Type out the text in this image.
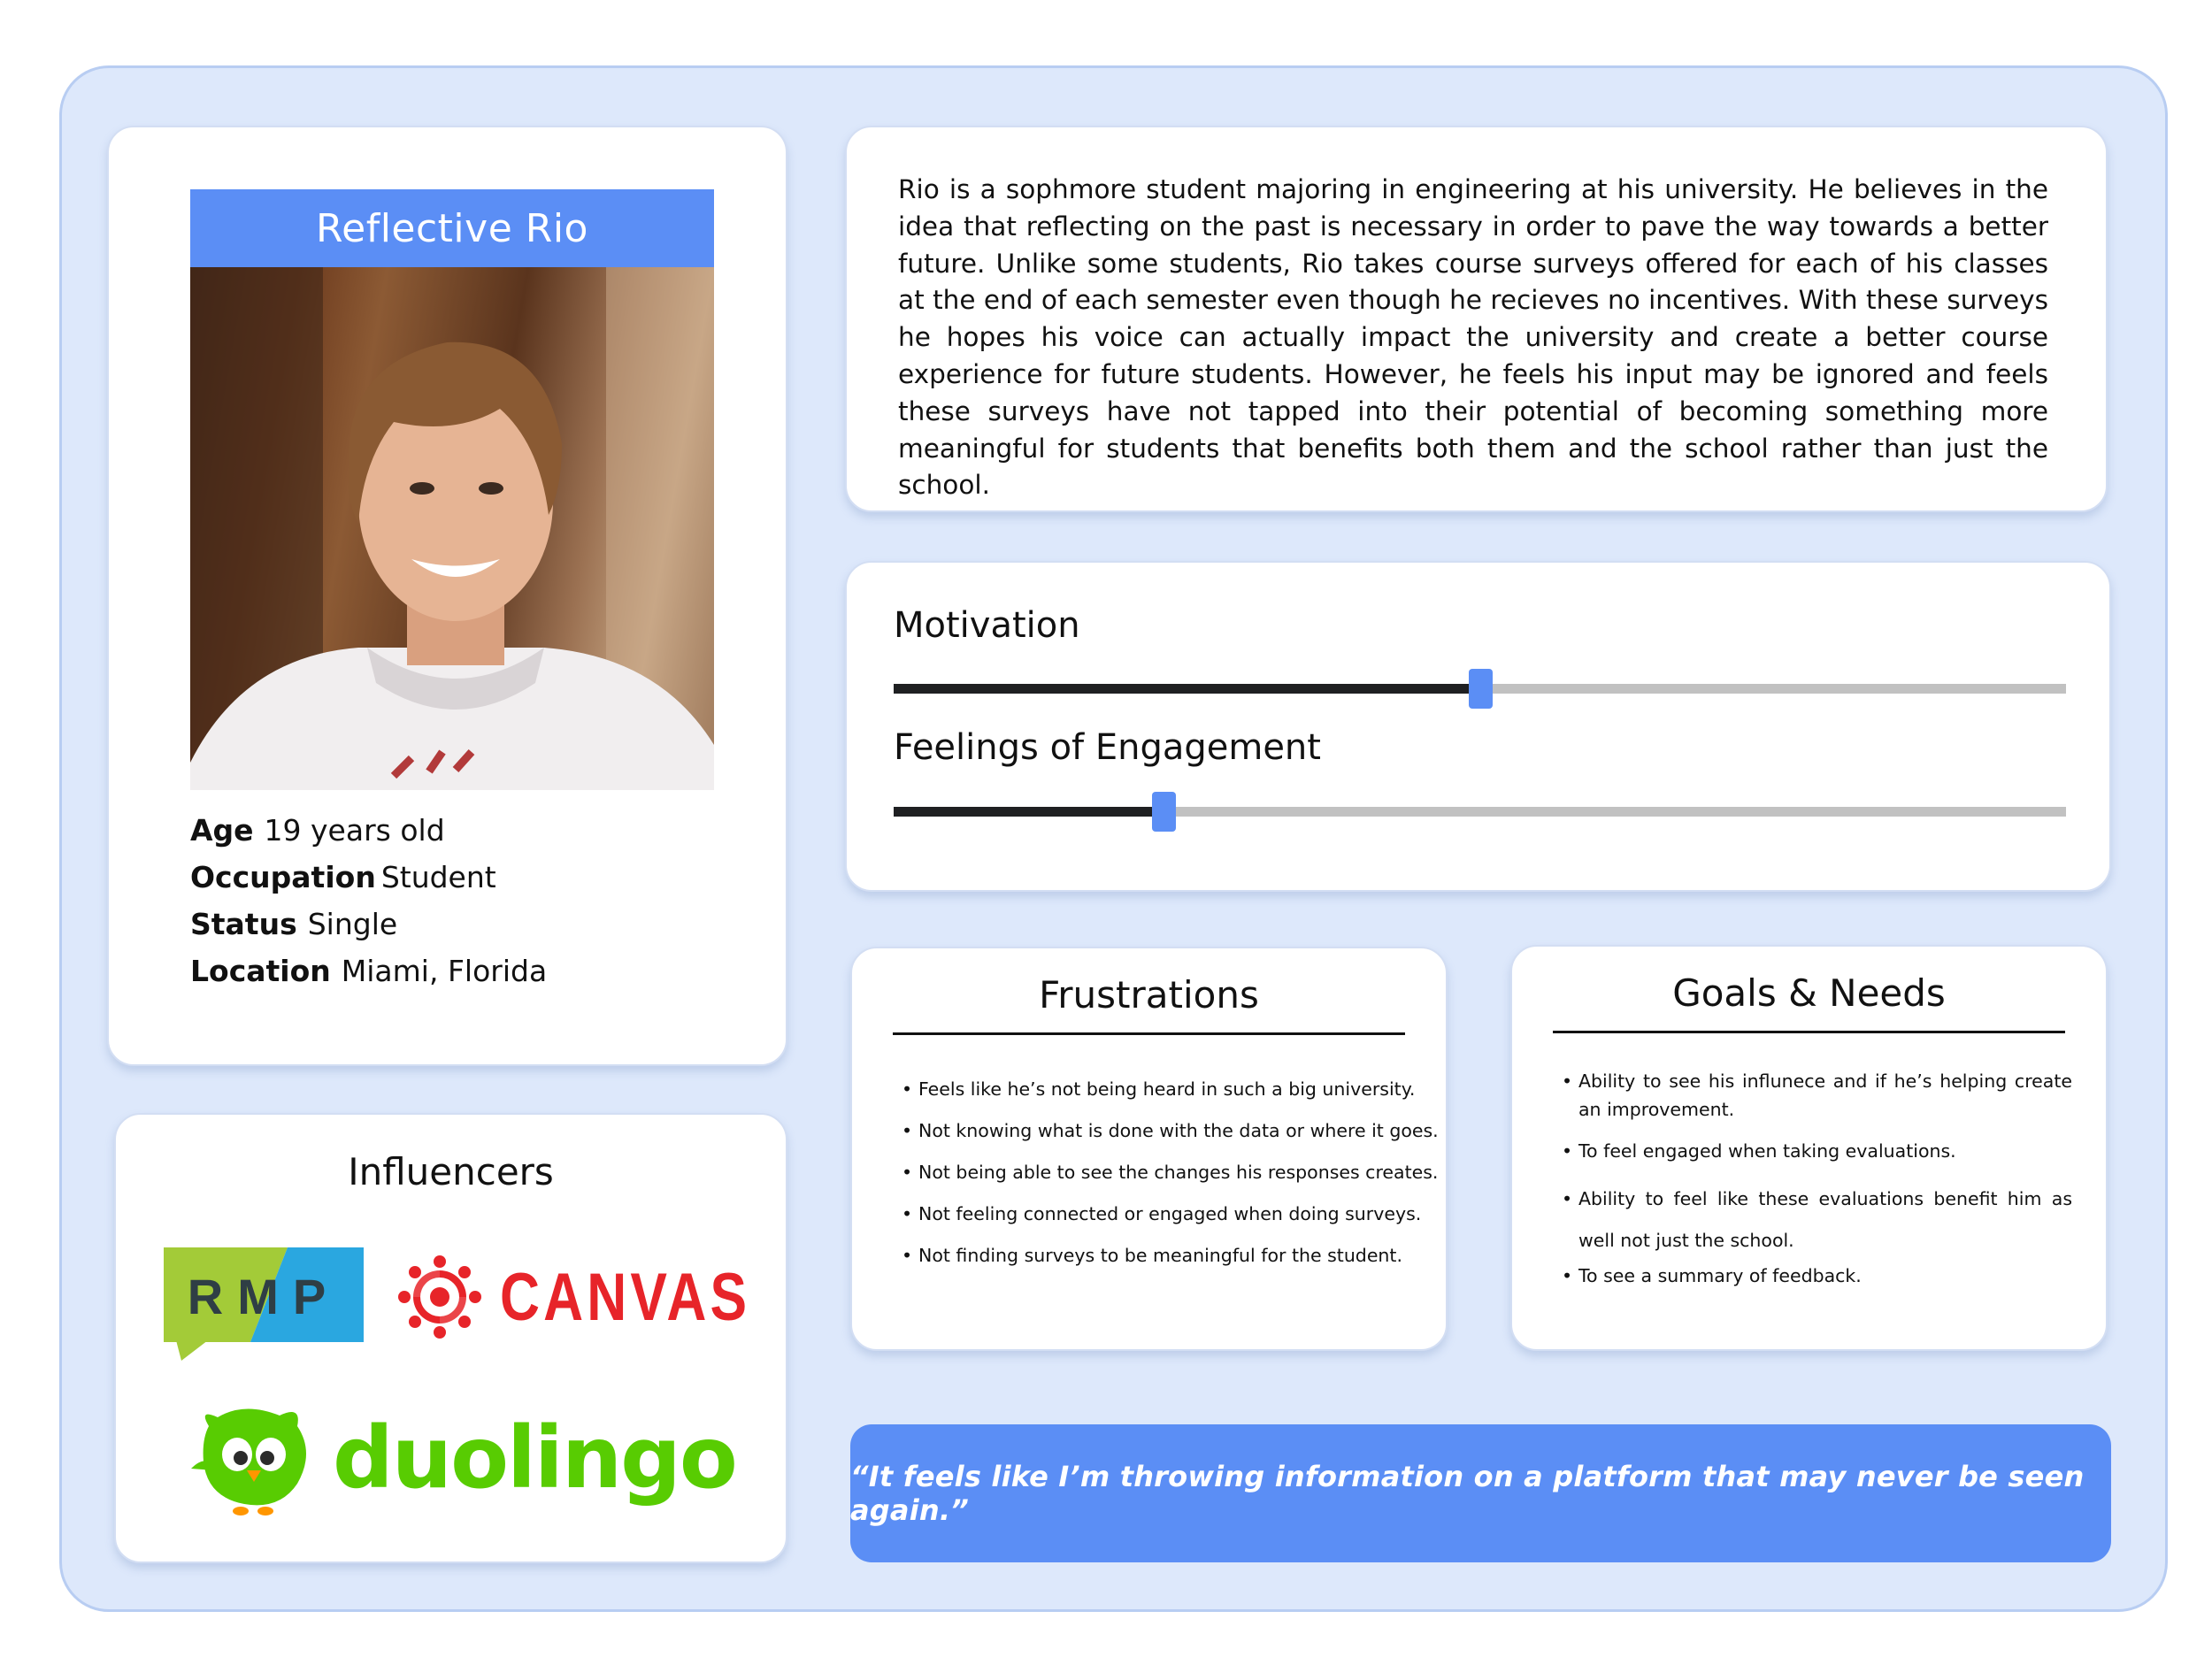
Reflective Rio
Age 19 years old
Occupation Student
Status Single
Location Miami, Florida
Influencers
RMP CANVAS
duolingo

Rio is a sophmore student majoring in engineering at his university. He believes in the idea that reflecting on the past is necessary in order to pave the way towards a better future. Unlike some students, Rio takes course surveys offered for each of his classes at the end of each semester even though he recieves no incentives. With these surveys he hopes his voice can actually impact the university and create a better course experience for future students. However, he feels his input may be ignored and feels these surveys have not tapped into their potential of becoming something more meaningful for students that benefits both them and the school rather than just the school.

Motivation
Feelings of Engagement
Frustrations
• Feels like he’s not being heard in such a big university.
• Not knowing what is done with the data or where it goes.
• Not being able to see the changes his responses creates.
• Not feeling connected or engaged when doing surveys.
• Not finding surveys to be meaningful for the student.
Goals & Needs
• Ability to see his influnece and if he’s helping create an improvement.
• To feel engaged when taking evaluations.
• Ability to feel like these evaluations benefit him as well not just the school.
• To see a summary of feedback.
“It feels like I’m throwing information on a platform that may never be seen again.”
